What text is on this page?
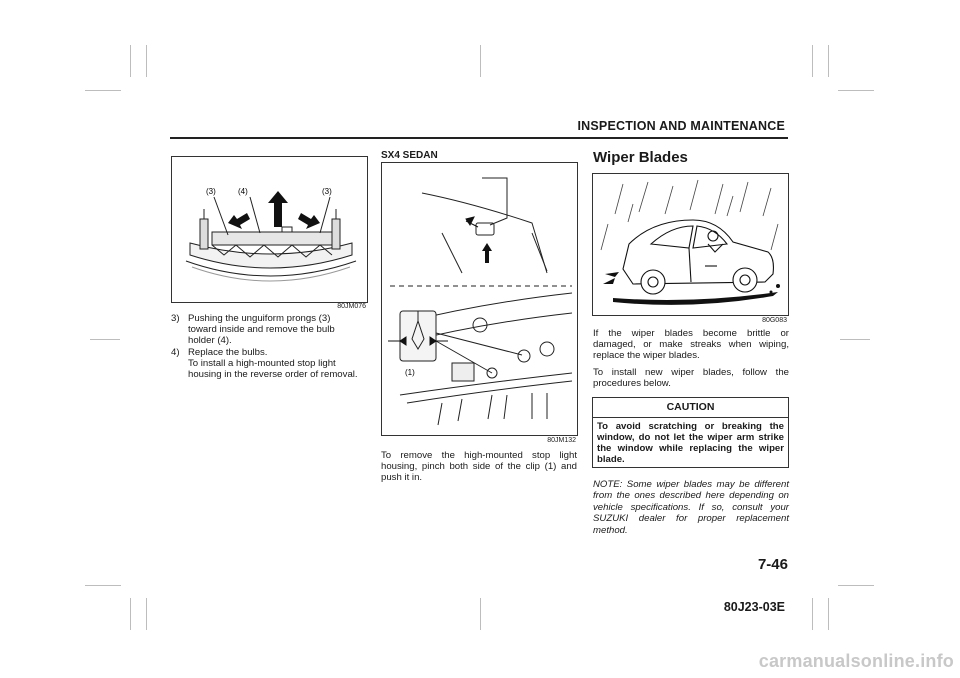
INSPECTION AND MAINTENANCE
(3)	(4)	(3)
80JM076
3) Pushing the unguiform prongs (3)
toward inside and remove the bulb
holder (4).
4) Replace the bulbs.
To install a high-mounted stop light
housing in the reverse order of removal.
SX4 SEDAN
(1)
80JM132
To remove the high-mounted stop light housing, pinch both side of the clip (1) and push it in.
Wiper Blades
80G083

If the wiper blades become brittle or damaged, or make streaks when wiping, replace the wiper blades.

To install new wiper blades, follow the procedures below.

CAUTION
To avoid scratching or breaking the window, do not let the wiper arm strike the window while replacing the wiper blade.
NOTE: Some wiper blades may be different from the ones described here depending on vehicle specifications. If so, consult your SUZUKI dealer for proper replacement method.
7-46
80J23-03E
carmanualsonline.info
